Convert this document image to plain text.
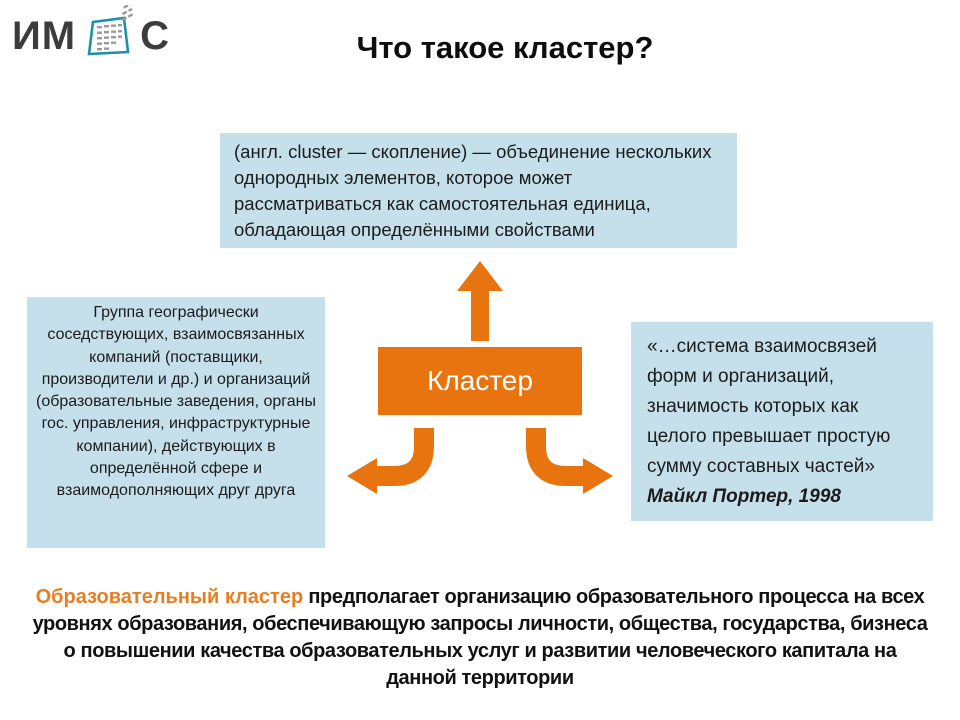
ИМ С	Что такое кластер?
(англ. cluster — скопление) — объединение нескольких однородных элементов, которое может рассматриваться как самостоятельная единица, обладающая определёнными свойствами
Кластер
Группа географически соседствующих, взаимосвязанных компаний (поставщики, производители и др.) и организаций (образовательные заведения, органы гос. управления, инфраструктурные компании), действующих в определённой сфере и взаимодополняющих друг друга
«…система взаимосвязей форм и организаций, значимость которых как целого превышает простую сумму составных частей»
Майкл Портер, 1998
Образовательный кластер предполагает организацию образовательного процесса на всех уровнях образования, обеспечивающую запросы личности, общества, государства, бизнеса о повышении качества образовательных услуг и развитии человеческого капитала на данной территории
